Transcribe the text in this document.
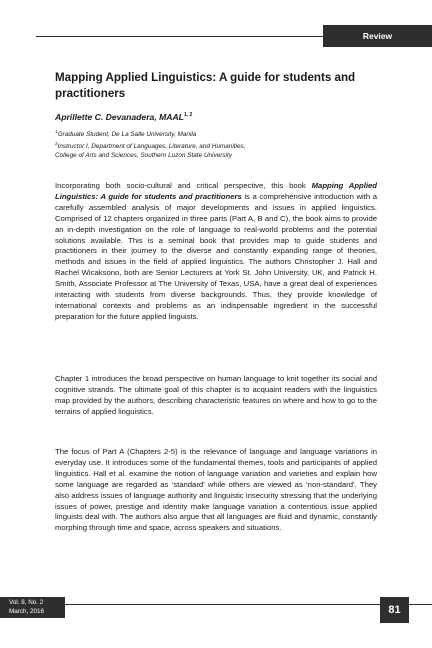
Review
Mapping Applied Linguistics: A guide for students and practitioners
Aprillette C. Devanadera, MAAL$^{1, 2}$
$^1$Graduate Student, De La Salle University, Manila
$^2$Instructor I, Department of Languages, Literature, and Humanities,
College of Arts and Sciences, Southern Luzon State University

Incorporating both socio-cultural and critical perspective, this book Mapping Applied Linguistics: A guide for students and practitioners is a comprehensive introduction with a carefully assembled analysis of major developments and issues in applied linguistics. Comprised of 12 chapters organized in three parts (Part A, B and C), the book aims to provide an in-depth investigation on the role of language to real-world problems and the potential solutions available. This is a seminal book that provides map to guide students and practitioners in their journey to the diverse and constantly expanding range of theories, methods and issues in the field of applied linguistics. The authors Christopher J. Hall and Rachel Wicaksono, both are Senior Lecturers at York St. John University, UK, and Patrick H. Smith, Associate Professor at The University of Texas, USA, have a great deal of experiences interacting with students from diverse backgrounds. Thus, they provide knowledge of international contexts and problems as an indispensable ingredient in the successful preparation for the future applied linguists.

Chapter 1 introduces the broad perspective on human language to knit together its social and cognitive strands. The ultimate goal of this chapter is to acquaint readers with the linguistics map provided by the authors, describing characteristic features on where and how to go to the terrains of applied linguistics.

The focus of Part A (Chapters 2-5) is the relevance of language and language variations in everyday use. It introduces some of the fundamental themes, tools and participants of applied linguistics. Hall et al. examine the notion of language variation and varieties and explain how some language are regarded as ‘standard’ while others are viewed as ‘non-standard’. They also address issues of language authority and linguistic insecurity stressing that the underlying issues of power, prestige and identity make language variation a contentious issue applied linguists deal with. The authors also argue that all languages are fluid and dynamic, constantly morphing through time and space, across speakers and situations.

Vol. 8, No. 2
March, 2016	81
